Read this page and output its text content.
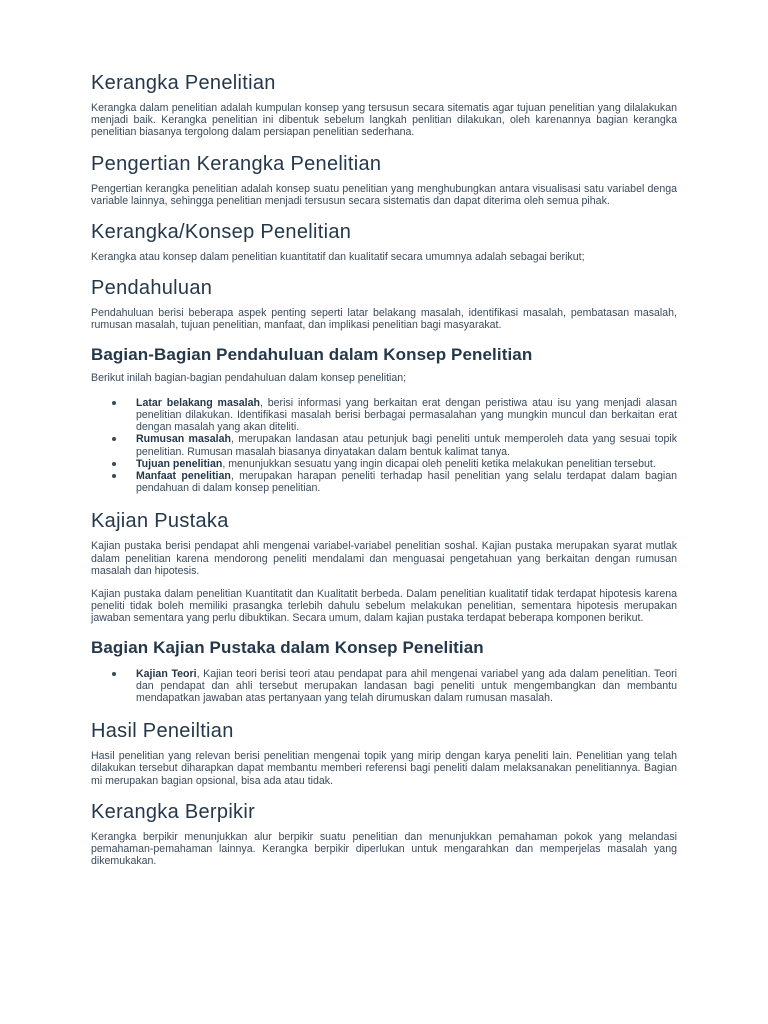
Kerangka Penelitian

Kerangka dalam penelitian adalah kumpulan konsep yang tersusun secara sitematis agar tujuan penelitian yang dilalakukan menjadi baik. Kerangka penelitian ini dibentuk sebelum langkah penlitian dilakukan, oleh karenannya bagian kerangka penelitian biasanya tergolong dalam persiapan penelitian sederhana.

Pengertian Kerangka Penelitian

Pengertian kerangka penelitian adalah konsep suatu penelitian yang menghubungkan antara visualisasi satu variabel denga variable lainnya, sehingga penelitian menjadi tersusun secara sistematis dan dapat diterima oleh semua pihak.

Kerangka/Konsep Penelitian

Kerangka atau konsep dalam penelitian kuantitatif dan kualitatif secara umumnya adalah sebagai berikut;

Pendahuluan

Pendahuluan berisi beberapa aspek penting seperti latar belakang masalah, identifikasi masalah, pembatasan masalah, rumusan masalah, tujuan penelitian, manfaat, dan implikasi penelitian bagi masyarakat.

Bagian-Bagian Pendahuluan dalam Konsep Penelitian

Berikut inilah bagian-bagian pendahuluan dalam konsep penelitian;

Latar belakang masalah, berisi informasi yang berkaitan erat dengan peristiwa atau isu yang menjadi alasan penelitian dilakukan. Identifikasi masalah berisi berbagai permasalahan yang mungkin muncul dan berkaitan erat dengan masalah yang akan diteliti.
Rumusan masalah, merupakan landasan atau petunjuk bagi peneliti untuk memperoleh data yang sesuai topik penelitian. Rumusan masalah biasanya dinyatakan dalam bentuk kalimat tanya.
Tujuan penelitian, menunjukkan sesuatu yang ingin dicapai oleh peneliti ketika melakukan penelitian tersebut.
Manfaat penelitian, merupakan harapan peneliti terhadap hasil penelitian yang selalu terdapat dalam bagian pendahuan di dalam konsep penelitian.
Kajian Pustaka

Kajian pustaka berisi pendapat ahli mengenai variabel-variabel penelitian soshal. Kajian pustaka merupakan syarat mutlak dalam penelitian karena mendorong peneliti mendalami dan menguasai pengetahuan yang berkaitan dengan rumusan masalah dan hipotesis.

Kajian pustaka dalam penelitian Kuantitatit dan Kualitatit berbeda. Dalam penelitian kualitatif tidak terdapat hipotesis karena peneliti tidak boleh memiliki prasangka terlebih dahulu sebelum melakukan penelitian, sementara hipotesis merupakan jawaban sementara yang perlu dibuktikan. Secara umum, dalam kajian pustaka terdapat beberapa komponen berikut.

Bagian Kajian Pustaka dalam Konsep Penelitian
Kajian Teori, Kajian teori berisi teori atau pendapat para ahil mengenai variabel yang ada dalam penelitian. Teori dan pendapat dan ahli tersebut merupakan landasan bagi peneliti untuk mengembangkan dan membantu mendapatkan jawaban atas pertanyaan yang telah dirumuskan dalam rumusan masalah.
Hasil Peneiltian

Hasil penelitian yang relevan berisi penelitian mengenai topik yang mirip dengan karya peneliti lain. Penelitian yang telah dilakukan tersebut diharapkan dapat membantu memberi referensi bagi peneliti dalam melaksanakan penelitiannya. Bagian mi merupakan bagian opsional, bisa ada atau tidak.

Kerangka Berpikir

Kerangka berpikir menunjukkan alur berpikir suatu penelitian dan menunjukkan pemahaman pokok yang melandasi pemahaman-pemahaman lainnya. Kerangka berpikir diperlukan untuk mengarahkan dan memperjelas masalah yang dikemukakan.
